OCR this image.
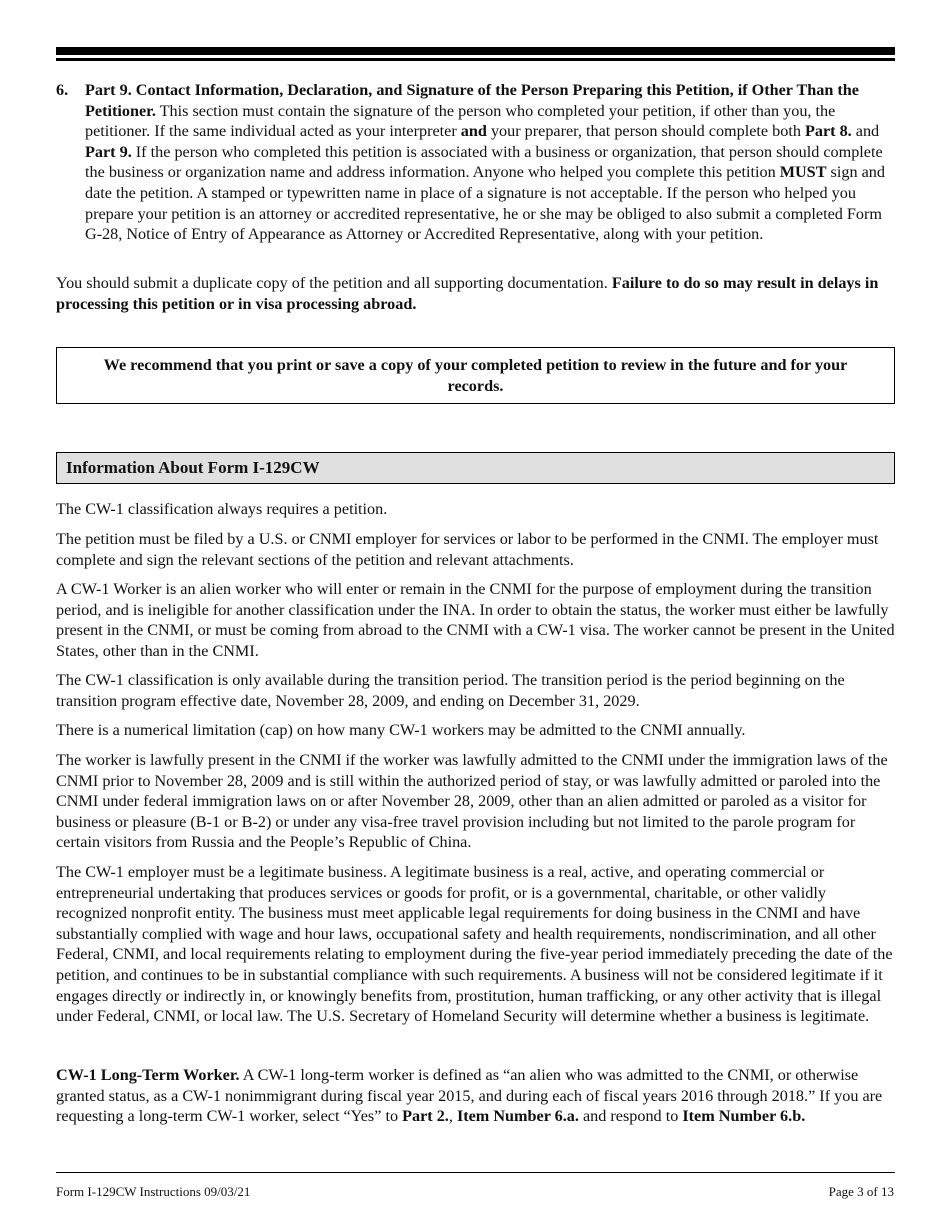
6. Part 9. Contact Information, Declaration, and Signature of the Person Preparing this Petition, if Other Than the Petitioner. This section must contain the signature of the person who completed your petition, if other than you, the petitioner. If the same individual acted as your interpreter and your preparer, that person should complete both Part 8. and Part 9. If the person who completed this petition is associated with a business or organization, that person should complete the business or organization name and address information. Anyone who helped you complete this petition MUST sign and date the petition. A stamped or typewritten name in place of a signature is not acceptable. If the person who helped you prepare your petition is an attorney or accredited representative, he or she may be obliged to also submit a completed Form G-28, Notice of Entry of Appearance as Attorney or Accredited Representative, along with your petition.

You should submit a duplicate copy of the petition and all supporting documentation. Failure to do so may result in delays in processing this petition or in visa processing abroad.

We recommend that you print or save a copy of your completed petition to review in the future and for your records.

Information About Form I-129CW

The CW-1 classification always requires a petition.

The petition must be filed by a U.S. or CNMI employer for services or labor to be performed in the CNMI. The employer must complete and sign the relevant sections of the petition and relevant attachments.

A CW-1 Worker is an alien worker who will enter or remain in the CNMI for the purpose of employment during the transition period, and is ineligible for another classification under the INA. In order to obtain the status, the worker must either be lawfully present in the CNMI, or must be coming from abroad to the CNMI with a CW-1 visa. The worker cannot be present in the United States, other than in the CNMI.

The CW-1 classification is only available during the transition period. The transition period is the period beginning on the transition program effective date, November 28, 2009, and ending on December 31, 2029.

There is a numerical limitation (cap) on how many CW-1 workers may be admitted to the CNMI annually.

The worker is lawfully present in the CNMI if the worker was lawfully admitted to the CNMI under the immigration laws of the CNMI prior to November 28, 2009 and is still within the authorized period of stay, or was lawfully admitted or paroled into the CNMI under federal immigration laws on or after November 28, 2009, other than an alien admitted or paroled as a visitor for business or pleasure (B-1 or B-2) or under any visa-free travel provision including but not limited to the parole program for certain visitors from Russia and the People’s Republic of China.

The CW-1 employer must be a legitimate business. A legitimate business is a real, active, and operating commercial or entrepreneurial undertaking that produces services or goods for profit, or is a governmental, charitable, or other validly recognized nonprofit entity. The business must meet applicable legal requirements for doing business in the CNMI and have substantially complied with wage and hour laws, occupational safety and health requirements, nondiscrimination, and all other Federal, CNMI, and local requirements relating to employment during the five-year period immediately preceding the date of the petition, and continues to be in substantial compliance with such requirements. A business will not be considered legitimate if it engages directly or indirectly in, or knowingly benefits from, prostitution, human trafficking, or any other activity that is illegal under Federal, CNMI, or local law. The U.S. Secretary of Homeland Security will determine whether a business is legitimate.

CW-1 Long-Term Worker. A CW-1 long-term worker is defined as “an alien who was admitted to the CNMI, or otherwise granted status, as a CW-1 nonimmigrant during fiscal year 2015, and during each of fiscal years 2016 through 2018.” If you are requesting a long-term CW-1 worker, select “Yes” to Part 2., Item Number 6.a. and respond to Item Number 6.b.

Form I-129CW Instructions 09/03/21	Page 3 of 13
